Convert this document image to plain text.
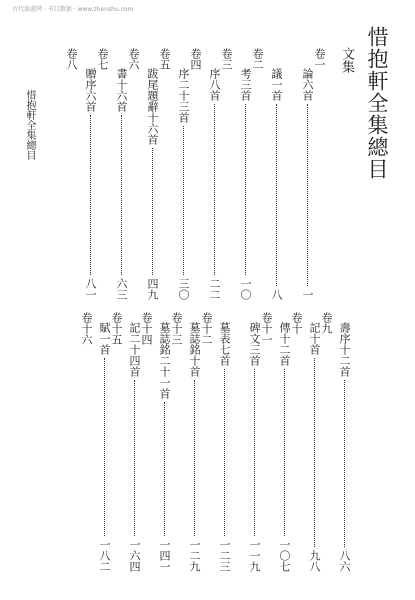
古代旅游网 · 书目数据 · www.zhenshu.com
惜抱軒全集總目
文集
惜抱軒全集總目
卷一
論六首
一
議一首
八
卷二
考三首
一〇
卷三
序八首
二二
卷四
序二十三首
三〇
卷五
跋尾題辭十六首
四九
卷六
書十六首
六三
卷七
贈序六首
八一
卷八
壽序十二首
八六
卷九
記十首
九八
卷十
傳十二首
一〇七
卷十一
碑文三首
一一九
墓表七首
一二三
卷十二
墓誌銘十首
一二九
卷十三
墓誌銘二十一首
一四一
卷十四
記二十四首
一六四
卷十五
賦一首
一八二
卷十六
